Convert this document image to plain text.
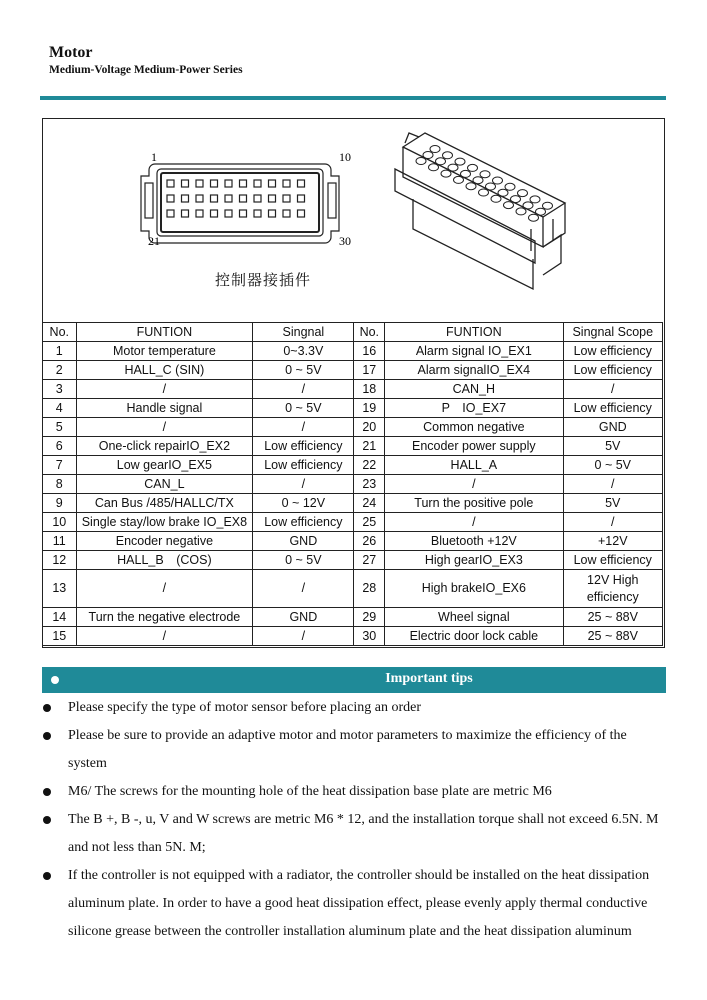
Motor
Medium-Voltage Medium-Power Series
1	10
21	30
控制器接插件
No.	FUNTION	Singnal	No.	FUNTION	Singnal Scope
1	Motor temperature	0~3.3V	16	Alarm signal IO_EX1	Low efficiency
2	HALL_C (SIN)	0 ~ 5V	17	Alarm signalIO_EX4	Low efficiency
3	/	/	18	CAN_H	/
4	Handle signal	0 ~ 5V	19	P　IO_EX7	Low efficiency
5	/	/	20	Common negative	GND
6	One-click repairIO_EX2	Low efficiency	21	Encoder power supply	5V
7	Low gearIO_EX5	Low efficiency	22	HALL_A	0 ~ 5V
8	CAN_L	/	23	/	/
9	Can Bus /485/HALLC/TX	0 ~ 12V	24	Turn the positive pole	5V
10	Single stay/low brake IO_EX8	Low efficiency	25	/	/
11	Encoder negative	GND	26	Bluetooth +12V	+12V
12	HALL_B　(COS)	0 ~ 5V	27	High gearIO_EX3	Low efficiency
13	/	/	28	High brakeIO_EX6	12V High efficiency
14	Turn the negative electrode	GND	29	Wheel signal	25 ~ 88V
15	/	/	30	Electric door lock cable	25 ~ 88V
Important tips
Please specify the type of motor sensor before placing an order
Please be sure to provide an adaptive motor and motor parameters to maximize the efficiency of the system
M6/ The screws for the mounting hole of the heat dissipation base plate are metric M6
The B +, B -, u, V and W screws are metric M6 * 12, and the installation torque shall not exceed 6.5N. M and not less than 5N. M;
If the controller is not equipped with a radiator, the controller should be installed on the heat dissipation aluminum plate. In order to have a good heat dissipation effect, please evenly apply thermal conductive silicone grease between the controller installation aluminum plate and the heat dissipation aluminum
